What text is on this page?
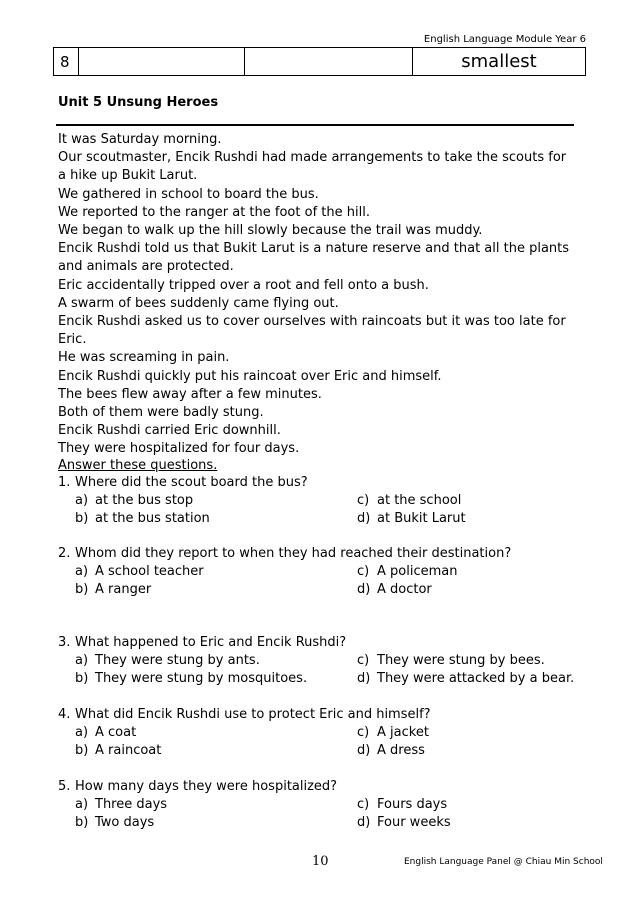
English Language Module Year 6
8			smallest
Unit 5 Unsung Heroes

It was Saturday morning.

Our scoutmaster, Encik Rushdi had made arrangements to take the scouts for a hike up Bukit Larut.

We gathered in school to board the bus.

We reported to the ranger at the foot of the hill.

We began to walk up the hill slowly because the trail was muddy.

Encik Rushdi told us that Bukit Larut is a nature reserve and that all the plants and animals are protected.

Eric accidentally tripped over a root and fell onto a bush.

A swarm of bees suddenly came flying out.

Encik Rushdi asked us to cover ourselves with raincoats but it was too late for Eric.

He was screaming in pain.

Encik Rushdi quickly put his raincoat over Eric and himself.

The bees flew away after a few minutes.

Both of them were badly stung.

Encik Rushdi carried Eric downhill.

They were hospitalized for four days.

Answer these questions.
1. Where did the scout board the bus?
a) at the bus stop	c) at the school
b) at the bus station	d) at Bukit Larut
2. Whom did they report to when they had reached their destination?
a) A school teacher	c) A policeman
b) A ranger	d) A doctor
3. What happened to Eric and Encik Rushdi?
a) They were stung by ants.	c) They were stung by bees.
b) They were stung by mosquitoes.	d) They were attacked by a bear.
4. What did Encik Rushdi use to protect Eric and himself?
a) A coat	c) A jacket
b) A raincoat	d) A dress
5. How many days they were hospitalized?
a) Three days	c) Fours days
b) Two days	d) Four weeks
10	English Language Panel @ Chiau Min School
